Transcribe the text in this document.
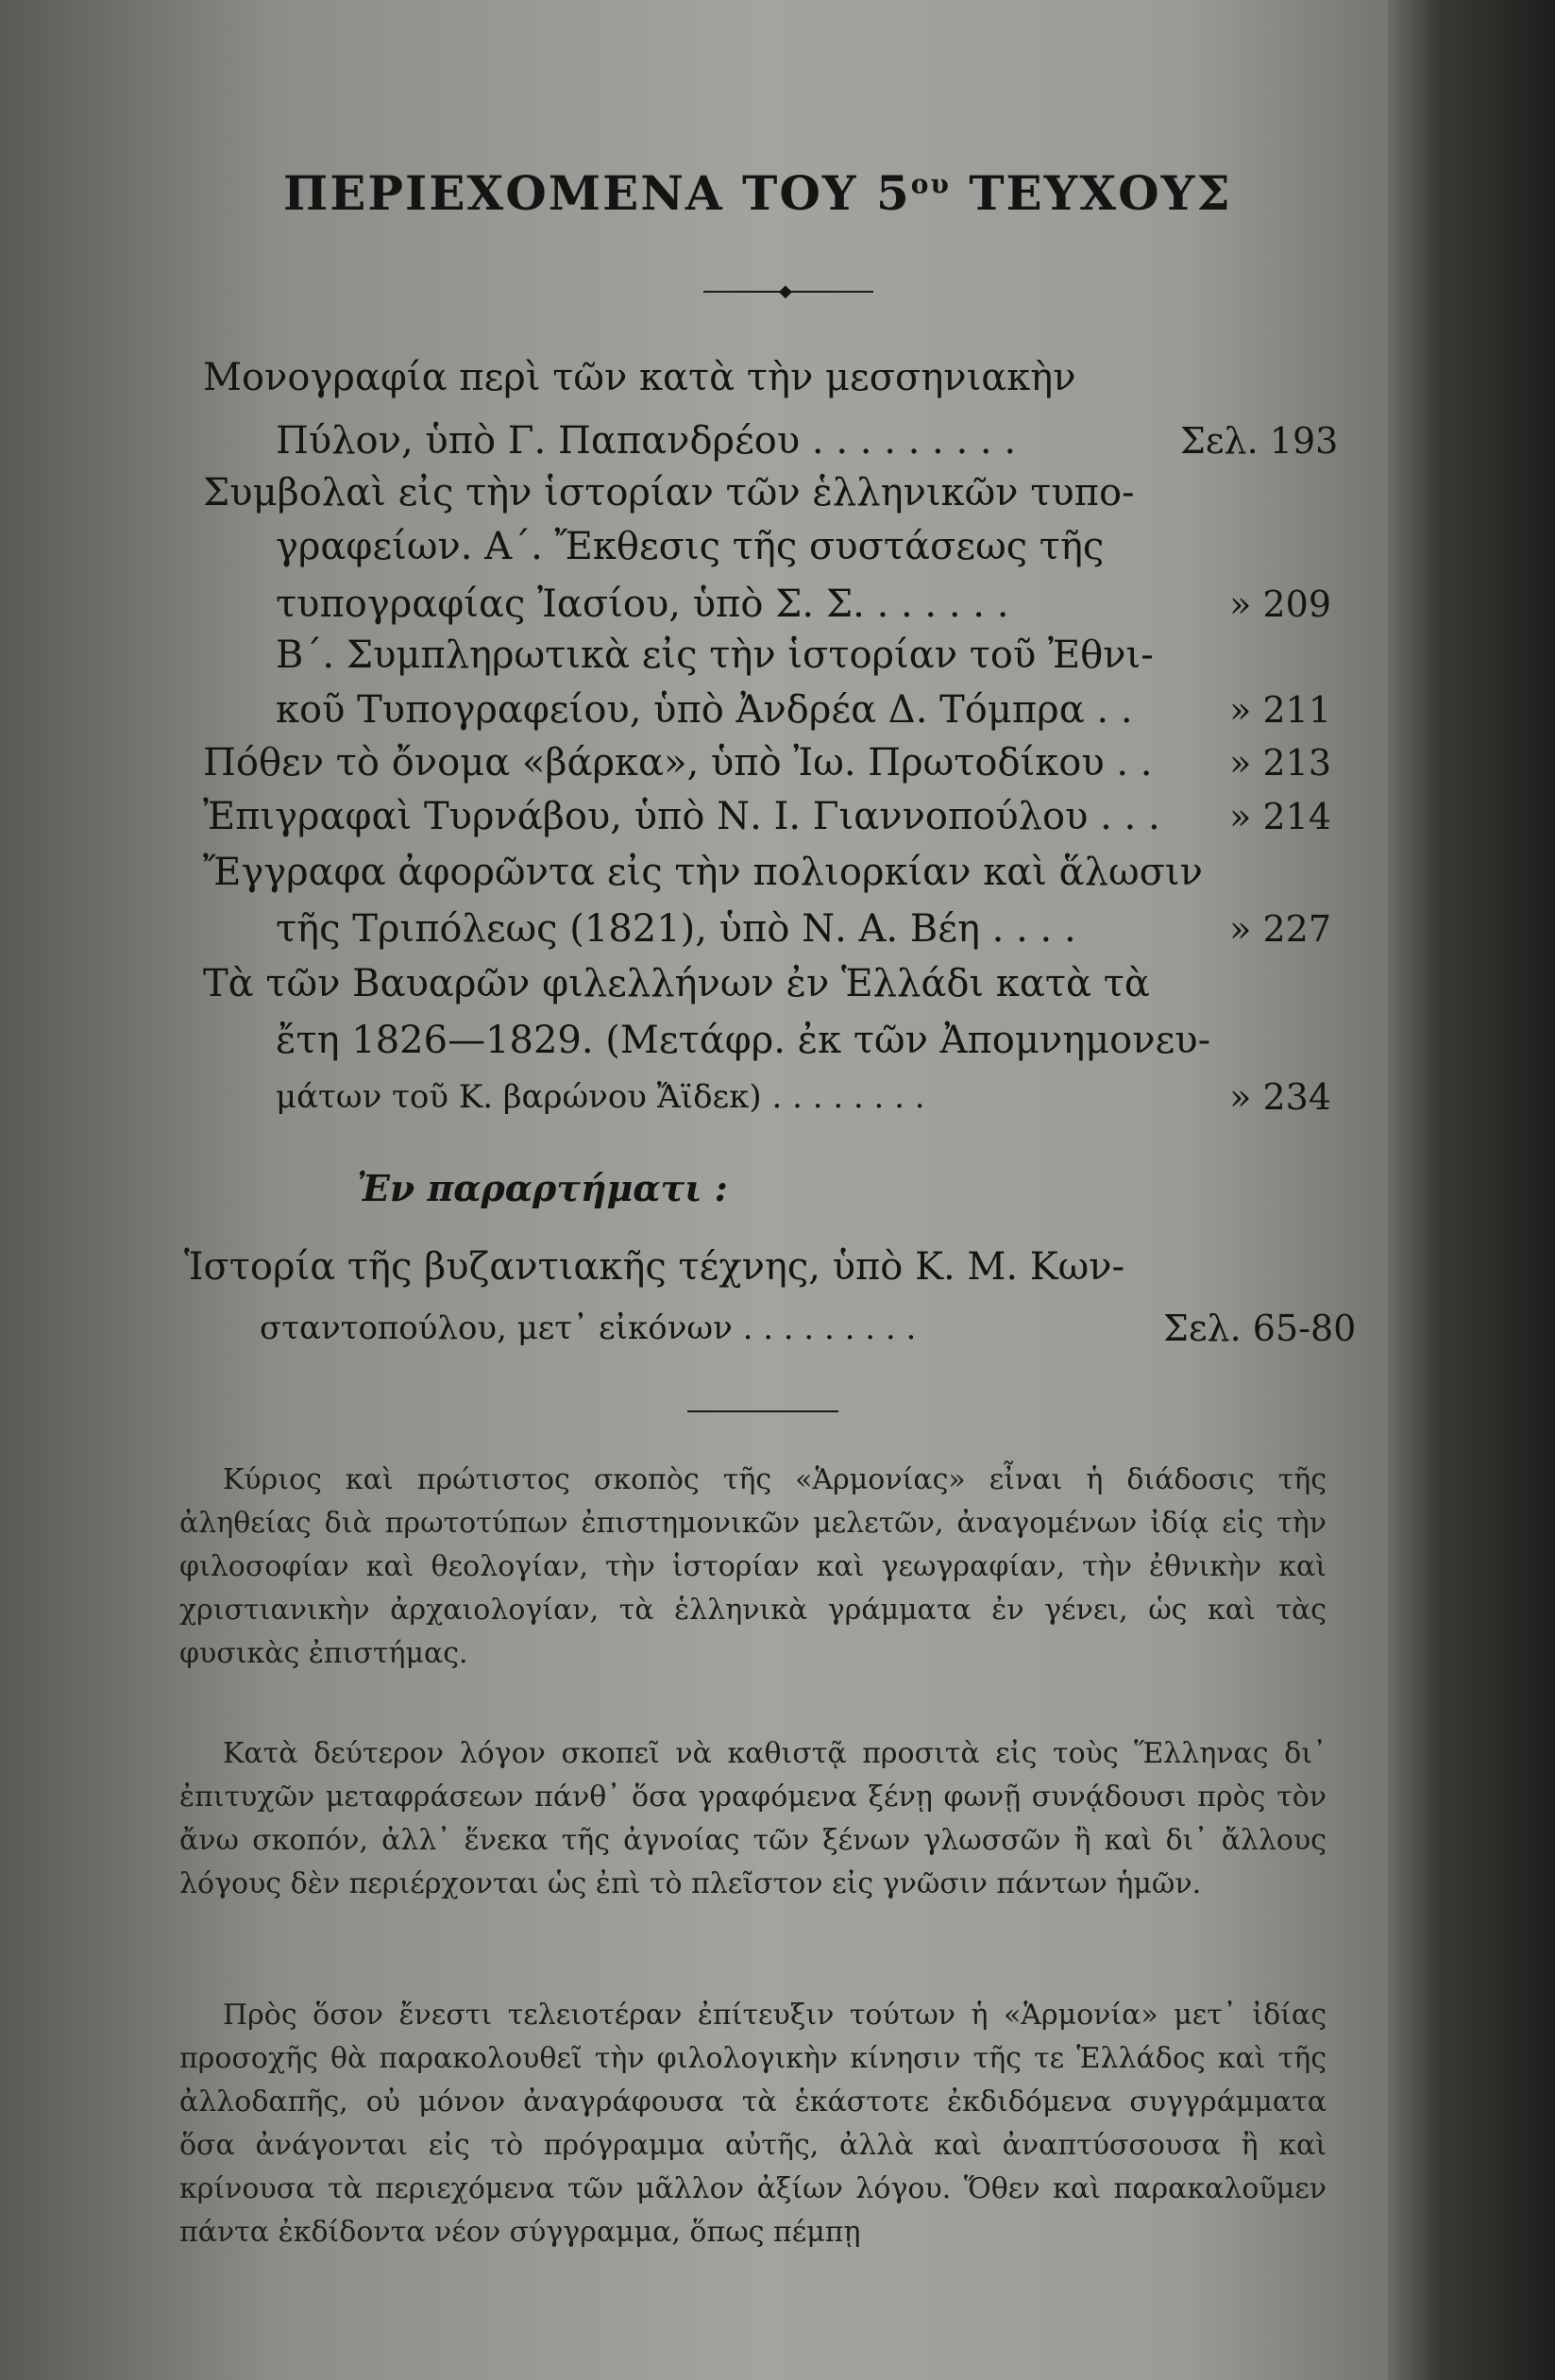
ΠΕΡΙΕΧΟΜΕΝΑ ΤΟΥ $5^{o\upsilon}$ ΤΕΥΧΟΥΣ
◆
Μονογραφία περὶ τῶν κατὰ τὴν μεσσηνιακὴν
Πύλον, ὑπὸ Γ. Παπανδρέου . . . . . . . . .	Σελ. 193
Συμβολαὶ εἰς τὴν ἱστορίαν τῶν ἑλληνικῶν τυπο-
γραφείων. Α΄. Ἔκθεσις τῆς συστάσεως τῆς
τυπογραφίας Ἰασίου, ὑπὸ Σ. Σ. . . . . . .	» 209
Β΄. Συμπληρωτικὰ εἰς τὴν ἱστορίαν τοῦ Ἐθνι-
κοῦ Τυπογραφείου, ὑπὸ Ἀνδρέα Δ. Τόμπρα . .	» 211
Πόθεν τὸ ὄνομα «βάρκα», ὑπὸ Ἰω. Πρωτοδίκου . .	» 213
Ἐπιγραφαὶ Τυρνάβου, ὑπὸ Ν. Ι. Γιαννοπούλου . . .	» 214
Ἔγγραφα ἀφορῶντα εἰς τὴν πολιορκίαν καὶ ἅλωσιν
τῆς Τριπόλεως (1821), ὑπὸ Ν. Α. Βέη . . . .	» 227
Τὰ τῶν Βαυαρῶν φιλελλήνων ἐν Ἑλλάδι κατὰ τὰ
ἔτη 1826—1829. (Μετάφρ. ἐκ τῶν Ἀπομνημονευ-
μάτων τοῦ Κ. βαρώνου Ἄϊδεκ) . . . . . . . .	» 234
Ἐν παραρτήματι :
Ἱστορία τῆς βυζαντιακῆς τέχνης, ὑπὸ Κ. Μ. Κων-
σταντοπούλου, μετ᾽ εἰκόνων . . . . . . . . .	Σελ. 65-80
Κύριος καὶ πρώτιστος σκοπὸς τῆς «Ἁρμονίας» εἶναι ἡ διάδοσις τῆς ἀληθείας διὰ πρωτοτύπων ἐπιστημονικῶν μελετῶν, ἀναγομένων ἰδίᾳ εἰς τὴν φιλοσοφίαν καὶ θεολογίαν, τὴν ἱστορίαν καὶ γεωγραφίαν, τὴν ἐθνικὴν καὶ χριστιανικὴν ἀρχαιολογίαν, τὰ ἑλληνικὰ γράμματα ἐν γένει, ὡς καὶ τὰς φυσικὰς ἐπιστήμας.
Κατὰ δεύτερον λόγον σκοπεῖ νὰ καθιστᾷ προσιτὰ εἰς τοὺς Ἕλληνας δι᾽ ἐπιτυχῶν μεταφράσεων πάνθ᾽ ὅσα γραφόμενα ξένῃ φωνῇ συνᾴδουσι πρὸς τὸν ἄνω σκοπόν, ἀλλ᾽ ἕνεκα τῆς ἀγνοίας τῶν ξένων γλωσσῶν ἢ καὶ δι᾽ ἄλλους λόγους δὲν περιέρχονται ὡς ἐπὶ τὸ πλεῖστον εἰς γνῶσιν πάντων ἡμῶν.
Πρὸς ὅσον ἔνεστι τελειοτέραν ἐπίτευξιν τούτων ἡ «Ἁρμονία» μετ᾽ ἰδίας προσοχῆς θὰ παρακολουθεῖ τὴν φιλολογικὴν κίνησιν τῆς τε Ἑλλάδος καὶ τῆς ἀλλοδαπῆς, οὐ μόνον ἀναγράφουσα τὰ ἑκάστοτε ἐκδιδόμενα συγγράμματα ὅσα ἀνάγονται εἰς τὸ πρόγραμμα αὐτῆς, ἀλλὰ καὶ ἀναπτύσσουσα ἢ καὶ κρίνουσα τὰ περιεχόμενα τῶν μᾶλλον ἀξίων λόγου. Ὅθεν καὶ παρακαλοῦμεν πάντα ἐκδίδοντα νέον σύγγραμμα, ὅπως πέμπῃ
